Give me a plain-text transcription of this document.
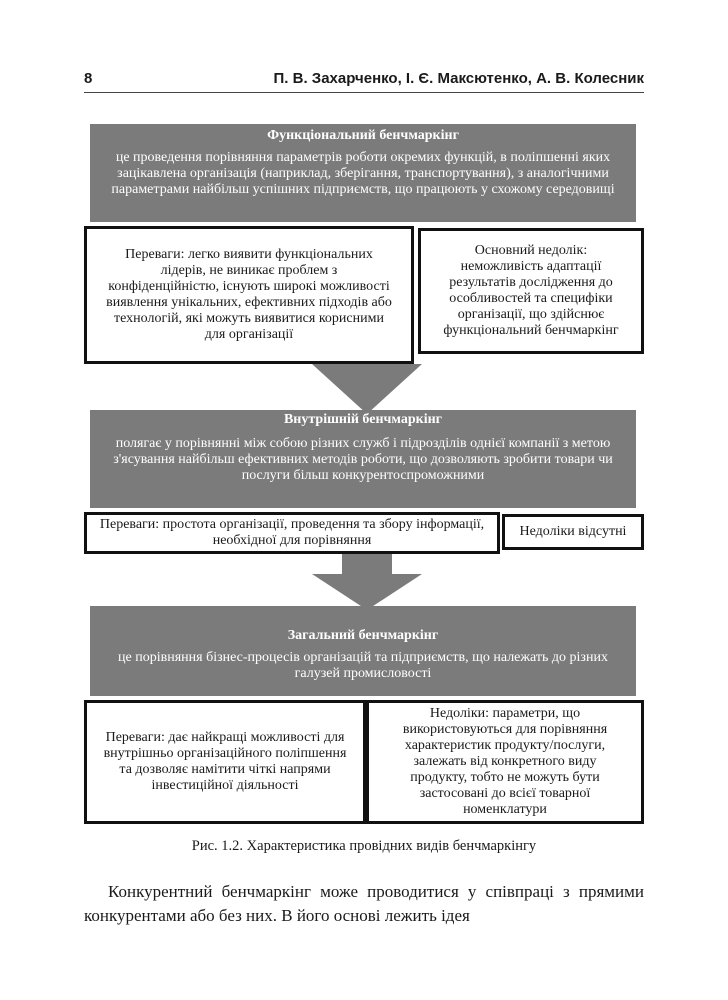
8	П. В. Захарченко, І. Є. Максютенко, А. В. Колесник
Функціональний бенчмаркінг
це проведення порівняння параметрів роботи окремих функцій, в поліпшенні яких зацікавлена організація (наприклад, зберігання, транспортування), з аналогічними параметрами найбільш успішних підприємств, що працюють у схожому середовищі
Переваги: легко виявити функціональних лідерів, не виникає проблем з конфіденційністю, існують широкі можливості виявлення унікальних, ефективних підходів або технологій, які можуть виявитися корисними для організації
Основний недолік: неможливість адаптації результатів дослідження до особливостей та специфіки організації, що здійснює функціональний бенчмаркінг
Внутрішній бенчмаркінг
полягає у порівнянні між собою різних служб і підрозділів однієї компанії з метою з'ясування найбільш ефективних методів роботи, що дозволяють зробити товари чи послуги більш конкурентоспроможними
Переваги: простота організації, проведення та збору інформації, необхідної для порівняння
Недоліки відсутні
Загальний бенчмаркінг
це порівняння бізнес-процесів організацій та підприємств, що належать до різних галузей промисловості
Переваги: дає найкращі можливості для внутрішньо організаційного поліпшення та дозволяє намітити чіткі напрями інвестиційної діяльності
Недоліки: параметри, що використовуються для порівняння характеристик продукту/послуги, залежать від конкретного виду продукту, тобто не можуть бути застосовані до всієї товарної номенклатури
Рис. 1.2. Характеристика провідних видів бенчмаркінгу
Конкурентний бенчмаркінг може проводитися у співпраці з прямими конкурентами або без них. В його основі лежить ідея
